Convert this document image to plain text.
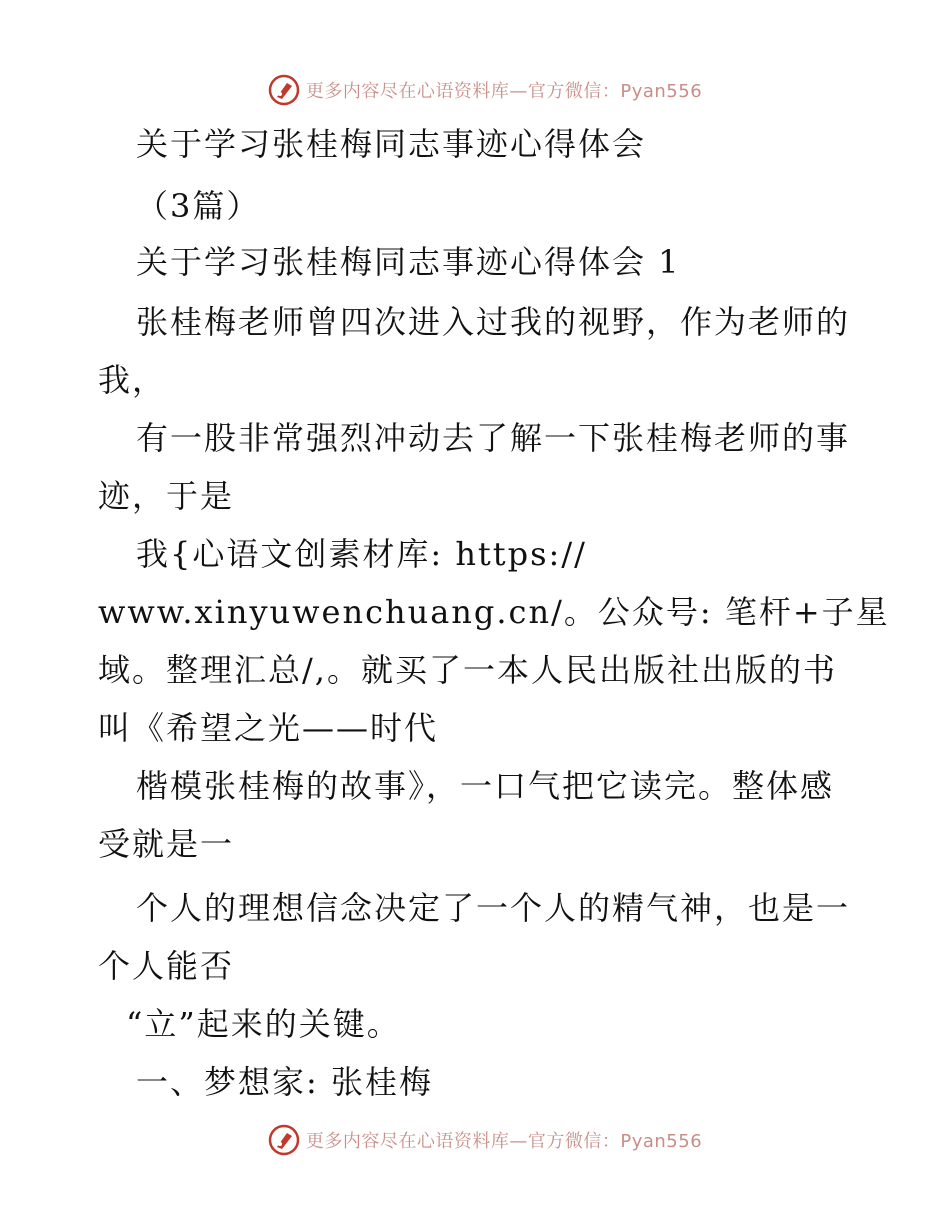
更多内容尽在心语资料库—官方微信：Pyan556
关于学习张桂梅同志事迹心得体会
（3篇）
关于学习张桂梅同志事迹心得体会 1
张桂梅老师曾四次进入过我的视野，作为老师的
我，
有一股非常强烈冲动去了解一下张桂梅老师的事
迹，于是
我{心语文创素材库: https://
www.xinyuwenchuang.cn/。公众号: 笔杆+子星
域。整理汇总/,。就买了一本人民出版社出版的书
叫《希望之光——时代
楷模张桂梅的故事》，一口气把它读完。整体感
受就是一
个人的理想信念决定了一个人的精气神，也是一
个人能否
“立”起来的关键。
一、梦想家: 张桂梅
更多内容尽在心语资料库—官方微信：Pyan556
